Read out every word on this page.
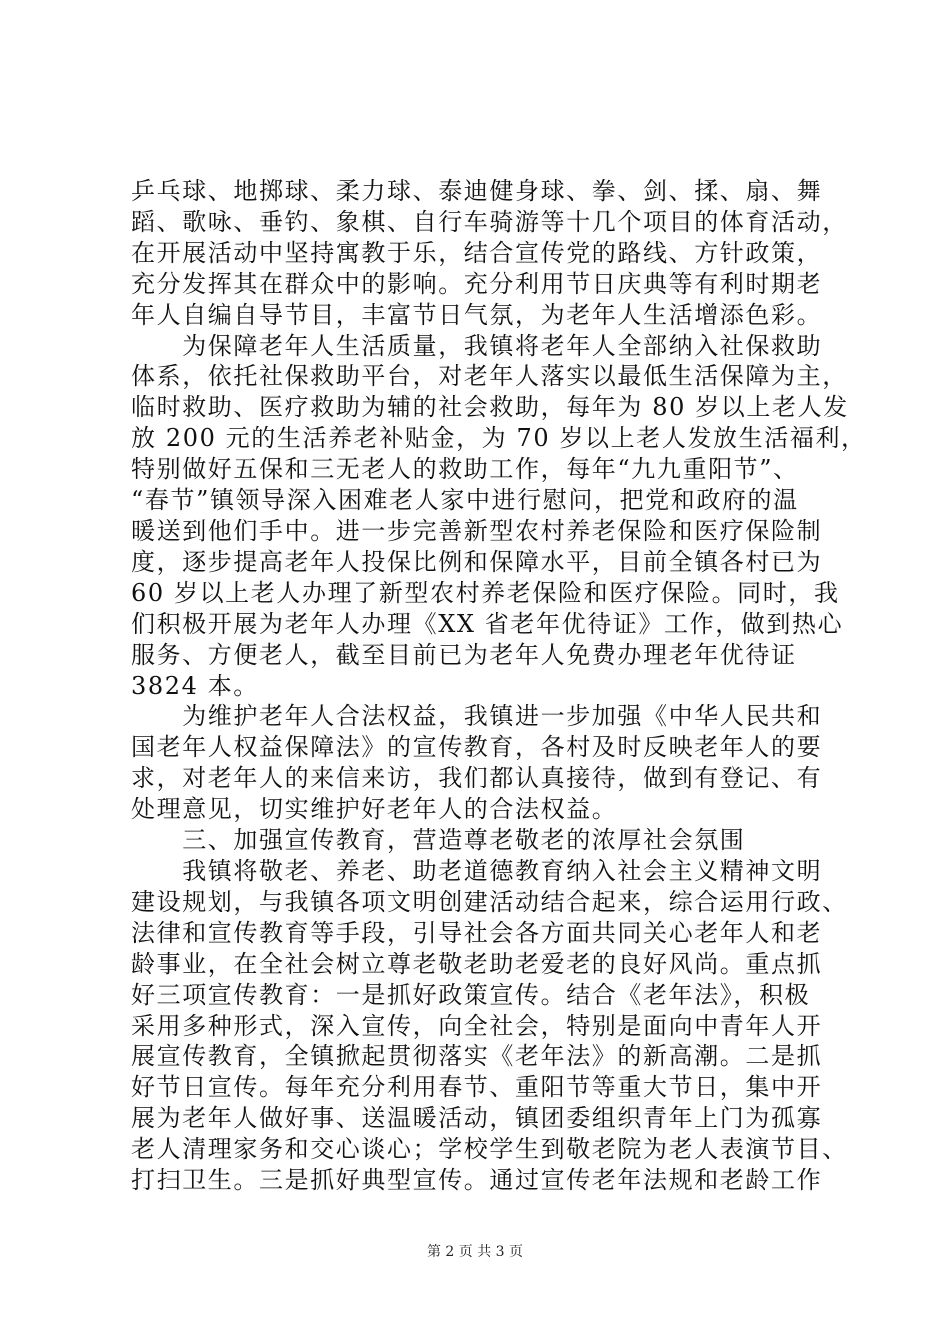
乒乓球、地掷球、柔力球、泰迪健身球、拳、剑、揉、扇、舞
蹈、歌咏、垂钓、象棋、自行车骑游等十几个项目的体育活动，
在开展活动中坚持寓教于乐，结合宣传党的路线、方针政策，
充分发挥其在群众中的影响。充分利用节日庆典等有利时期老
年人自编自导节目，丰富节日气氛，为老年人生活增添色彩。
　　为保障老年人生活质量，我镇将老年人全部纳入社保救助
体系，依托社保救助平台，对老年人落实以最低生活保障为主，
临时救助、医疗救助为辅的社会救助，每年为 80 岁以上老人发
放 200 元的生活养老补贴金，为 70 岁以上老人发放生活福利，
特别做好五保和三无老人的救助工作，每年“九九重阳节”、
“春节”镇领导深入困难老人家中进行慰问，把党和政府的温
暖送到他们手中。进一步完善新型农村养老保险和医疗保险制
度，逐步提高老年人投保比例和保障水平，目前全镇各村已为
60 岁以上老人办理了新型农村养老保险和医疗保险。同时，我
们积极开展为老年人办理《XX 省老年优待证》工作，做到热心
服务、方便老人，截至目前已为老年人免费办理老年优待证
3824 本。
　　为维护老年人合法权益，我镇进一步加强《中华人民共和
国老年人权益保障法》的宣传教育，各村及时反映老年人的要
求，对老年人的来信来访，我们都认真接待，做到有登记、有
处理意见，切实维护好老年人的合法权益。
　　三、加强宣传教育，营造尊老敬老的浓厚社会氛围
　　我镇将敬老、养老、助老道德教育纳入社会主义精神文明
建设规划，与我镇各项文明创建活动结合起来，综合运用行政、
法律和宣传教育等手段，引导社会各方面共同关心老年人和老
龄事业，在全社会树立尊老敬老助老爱老的良好风尚。重点抓
好三项宣传教育：一是抓好政策宣传。结合《老年法》，积极
采用多种形式，深入宣传，向全社会，特别是面向中青年人开
展宣传教育，全镇掀起贯彻落实《老年法》的新高潮。二是抓
好节日宣传。每年充分利用春节、重阳节等重大节日，集中开
展为老年人做好事、送温暖活动，镇团委组织青年上门为孤寡
老人清理家务和交心谈心；学校学生到敬老院为老人表演节目、
打扫卫生。三是抓好典型宣传。通过宣传老年法规和老龄工作
第 2 页 共 3 页
